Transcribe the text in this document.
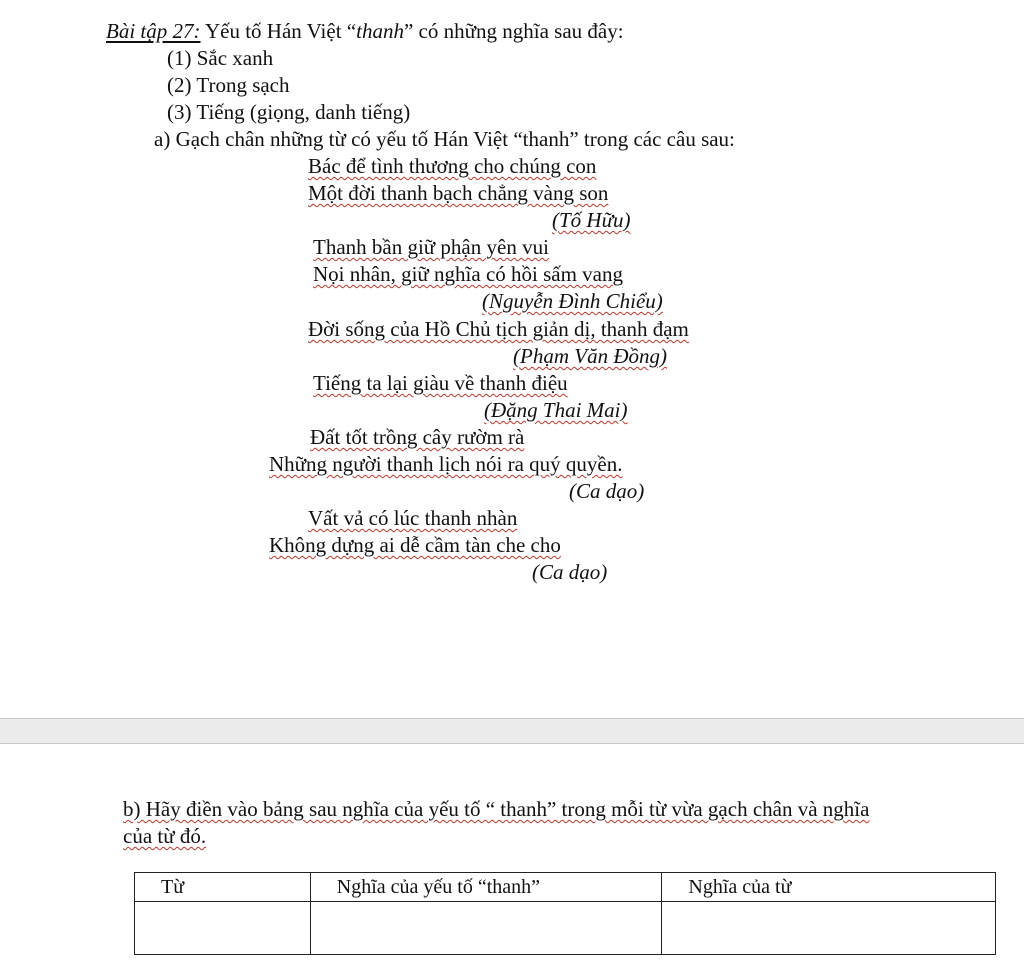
Bài tập 27: Yếu tố Hán Việt “thanh” có những nghĩa sau đây:
(1) Sắc xanh
(2) Trong sạch
(3) Tiếng (giọng, danh tiếng)
a) Gạch chân những từ có yếu tố Hán Việt “thanh” trong các câu sau:
Bác để tình thương cho chúng con
Một đời thanh bạch chẳng vàng son
(Tố Hữu)
Thanh bần giữ phận yên vui
Nọi nhân, giữ nghĩa có hồi sấm vang
(Nguyễn Đình Chiểu)
Đời sống của Hồ Chủ tịch giản dị, thanh đạm
(Phạm Văn Đồng)
Tiếng ta lại giàu về thanh điệu
(Đặng Thai Mai)
Đất tốt trồng cây rườm rà
Những người thanh lịch nói ra quý quyền.
(Ca dạo)
Vất vả có lúc thanh nhàn
Không dựng ai dễ cầm tàn che cho
(Ca dạo)
b) Hãy điền vào bảng sau nghĩa của yếu tố “ thanh” trong mỗi từ vừa gạch chân và nghĩa
của từ đó.
Từ	Nghĩa của yếu tố “thanh”	Nghĩa của từ
